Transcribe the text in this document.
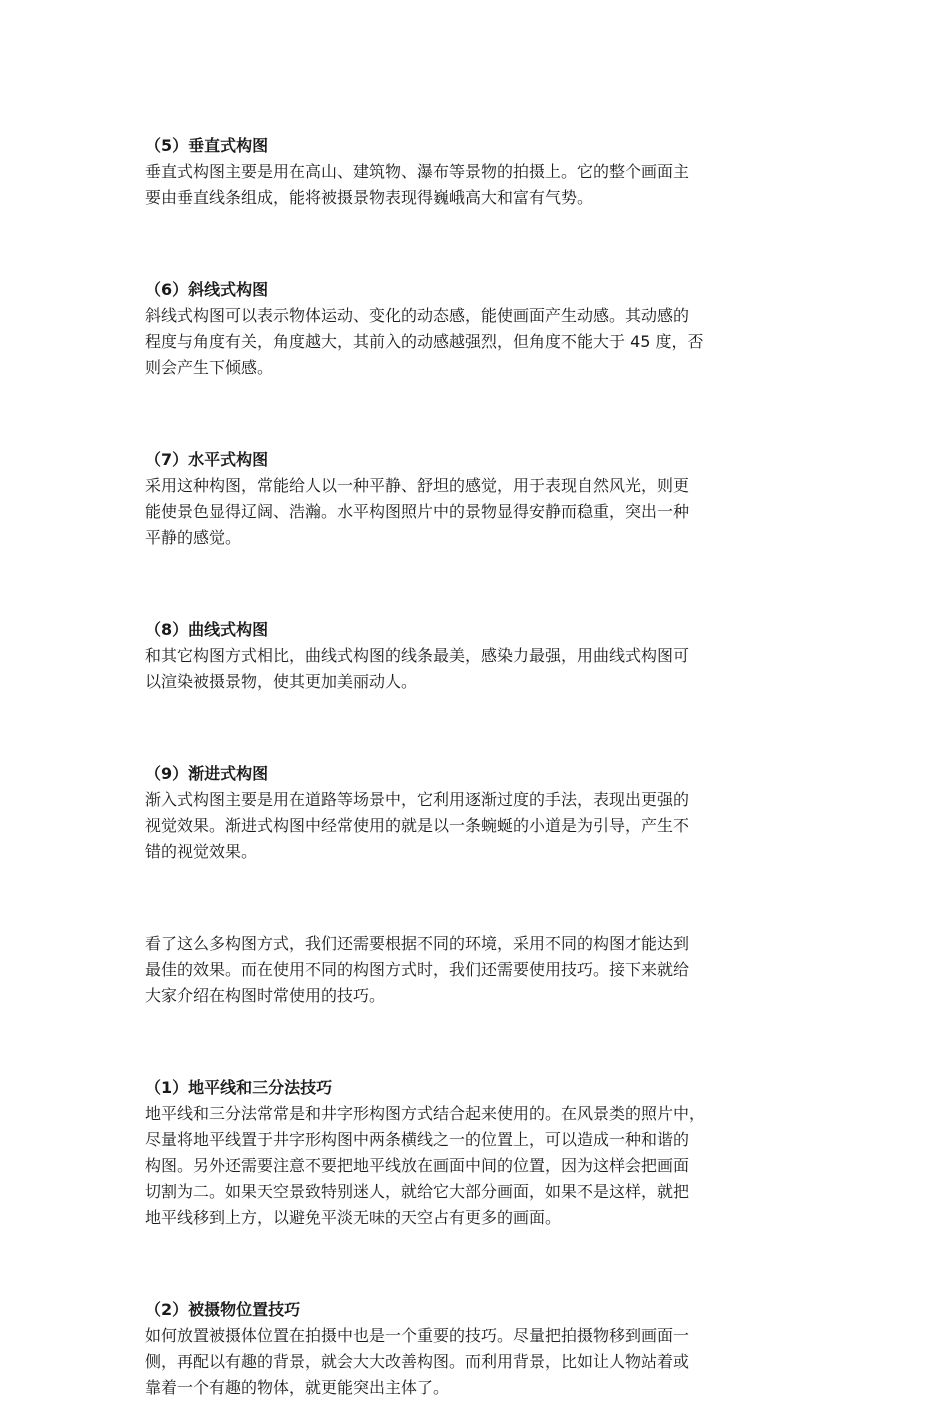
（5）垂直式构图
垂直式构图主要是用在高山、建筑物、瀑布等景物的拍摄上。它的整个画面主
要由垂直线条组成，能将被摄景物表现得巍峨高大和富有气势。
（6）斜线式构图
斜线式构图可以表示物体运动、变化的动态感，能使画面产生动感。其动感的
程度与角度有关，角度越大，其前入的动感越强烈，但角度不能大于 45 度，否
则会产生下倾感。
（7）水平式构图
采用这种构图，常能给人以一种平静、舒坦的感觉，用于表现自然风光，则更
能使景色显得辽阔、浩瀚。水平构图照片中的景物显得安静而稳重，突出一种
平静的感觉。
（8）曲线式构图
和其它构图方式相比，曲线式构图的线条最美，感染力最强，用曲线式构图可
以渲染被摄景物，使其更加美丽动人。
（9）渐进式构图
渐入式构图主要是用在道路等场景中，它利用逐渐过度的手法，表现出更强的
视觉效果。渐进式构图中经常使用的就是以一条蜿蜒的小道是为引导，产生不
错的视觉效果。
看了这么多构图方式，我们还需要根据不同的环境，采用不同的构图才能达到
最佳的效果。而在使用不同的构图方式时，我们还需要使用技巧。接下来就给
大家介绍在构图时常使用的技巧。
（1）地平线和三分法技巧
地平线和三分法常常是和井字形构图方式结合起来使用的。在风景类的照片中，
尽量将地平线置于井字形构图中两条横线之一的位置上，可以造成一种和谐的
构图。另外还需要注意不要把地平线放在画面中间的位置，因为这样会把画面
切割为二。如果天空景致特别迷人，就给它大部分画面，如果不是这样，就把
地平线移到上方，以避免平淡无味的天空占有更多的画面。
（2）被摄物位置技巧
如何放置被摄体位置在拍摄中也是一个重要的技巧。尽量把拍摄物移到画面一
侧，再配以有趣的背景，就会大大改善构图。而利用背景，比如让人物站着或
靠着一个有趣的物体，就更能突出主体了。
